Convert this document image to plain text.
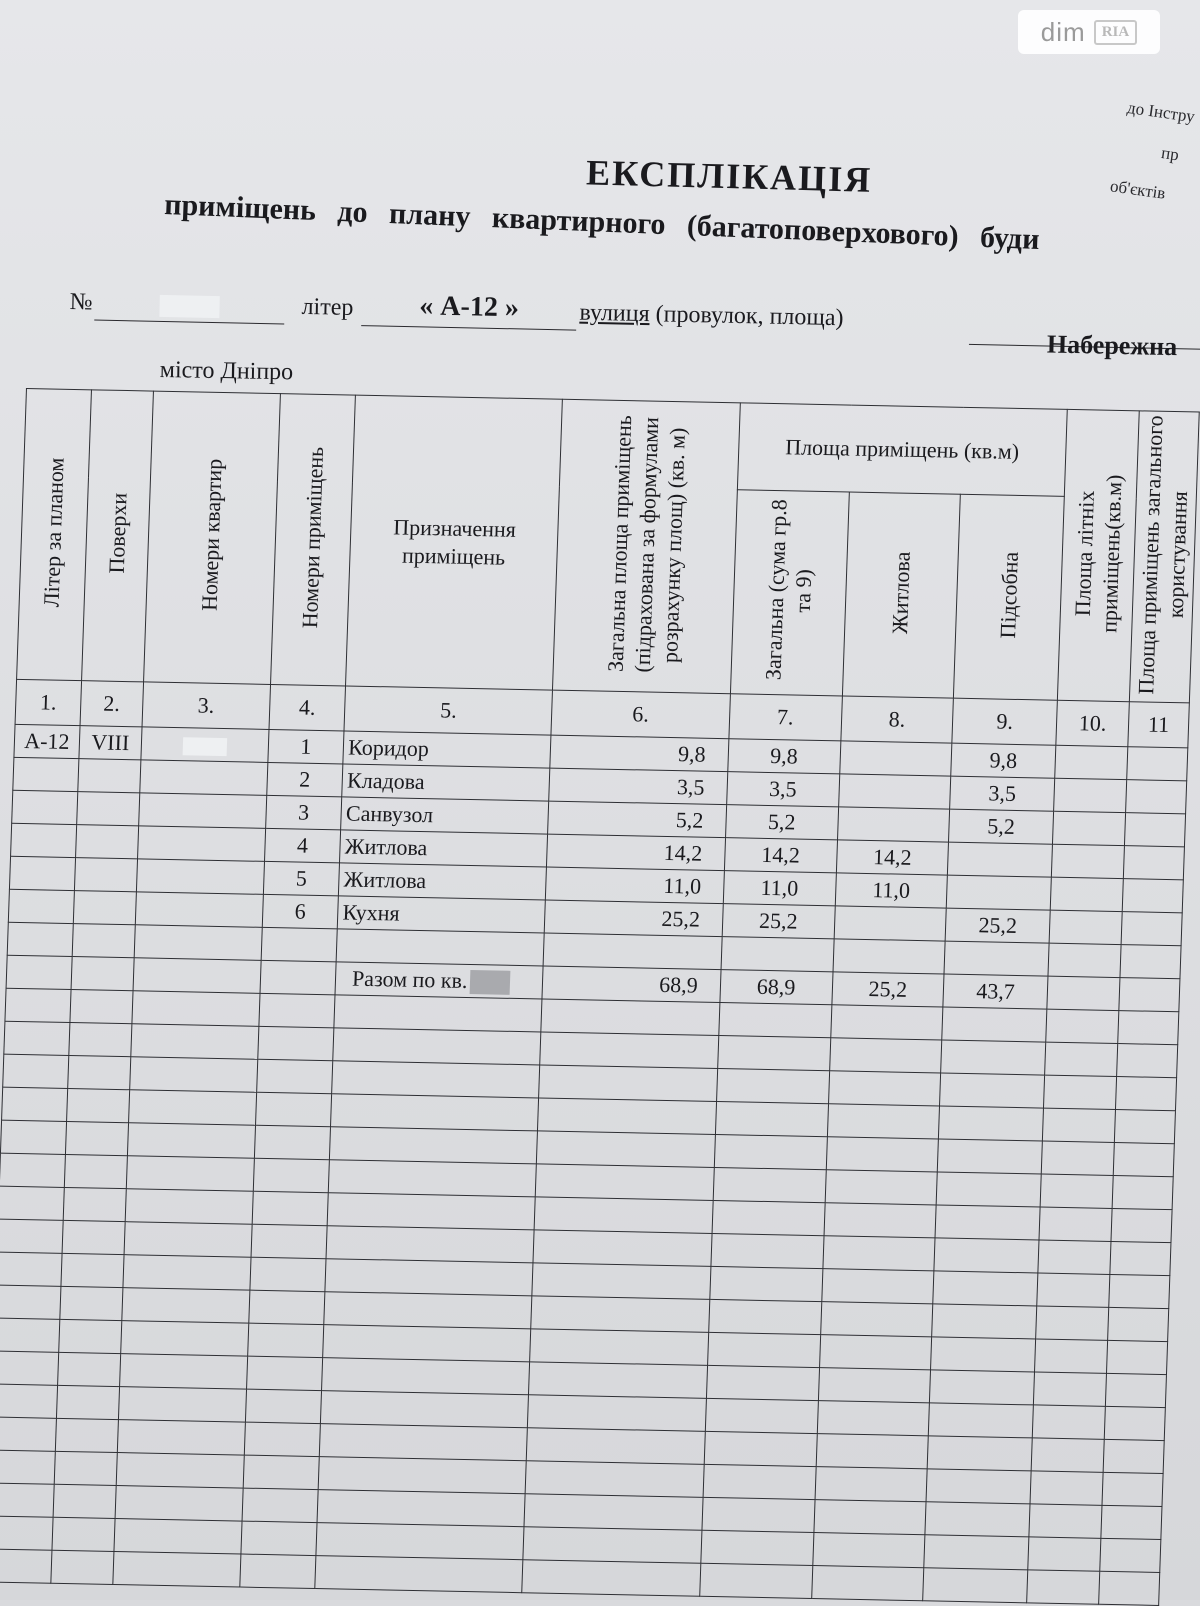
dim	RIA
до Інстру
пр
об'єктів
ЕКСПЛІКАЦІЯ
приміщень до плану квартирного (багатоповерхового) буди
№	літер	« А-12 »	вулиця (провулок, площа)
Набережна
місто Дніпро
Літер за планом	Поверхи	Номери квартир	Номери приміщень	Призначення приміщень	Загальна площа приміщень (підрахована за формулами розрахунку площ) (кв. м)	Площа приміщень (кв.м)			Площа літніх приміщень(кв.м)	Площа приміщень загального користування
						Загальна (сума гр.8 та 9)	Житлова	Підсобна		
1.	2.	3.	4.	5.	6.	7.	8.	9.	10.	11
А-12	VIII		1	Коридор	9,8	9,8		9,8		
			2	Кладова	3,5	3,5		3,5		
			3	Санвузол	5,2	5,2		5,2		
			4	Житлова	14,2	14,2	14,2			
			5	Житлова	11,0	11,0	11,0			
			6	Кухня	25,2	25,2		25,2		

				Разом по кв.	68,9	68,9	25,2	43,7		
